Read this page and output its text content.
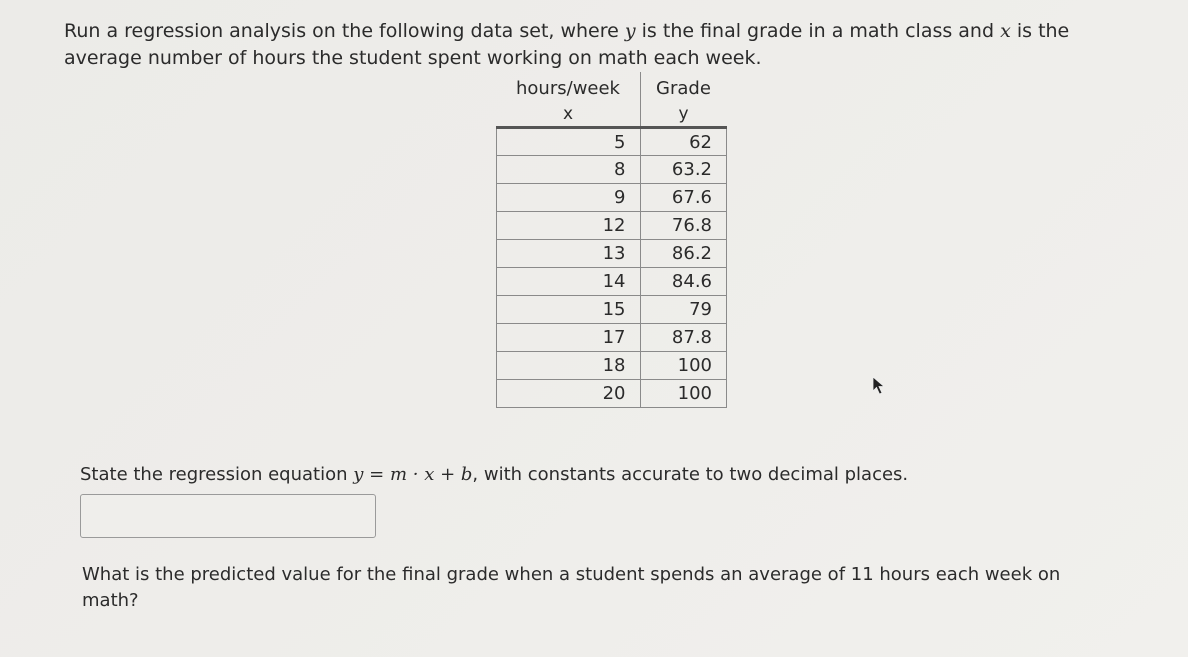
Run a regression analysis on the following data set, where y is the final grade in a math class and x is the average number of hours the student spent working on math each week.
hours/week	Grade
x	y
5	62
8	63.2
9	67.6
12	76.8
13	86.2
14	84.6
15	79
17	87.8
18	100
20	100
State the regression equation y = m · x + b, with constants accurate to two decimal places.
What is the predicted value for the final grade when a student spends an average of 11 hours each week on math?
